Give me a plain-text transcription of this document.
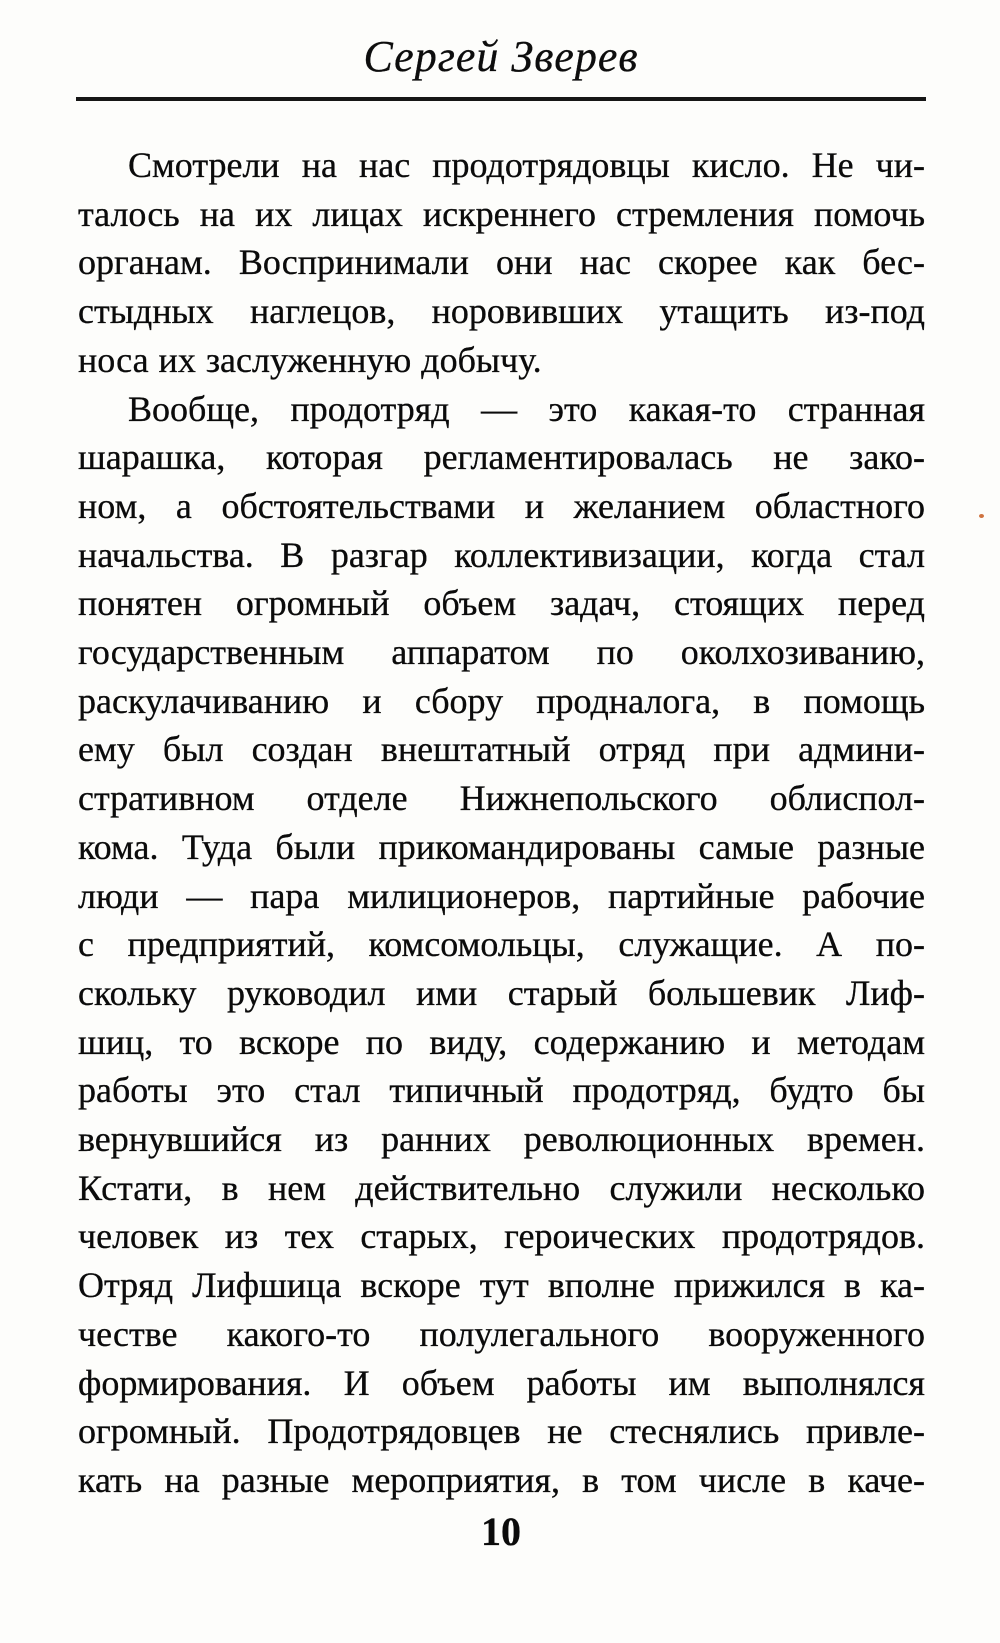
Сергей Зверев
Смотрели на нас продотрядовцы кисло. Не чи-
талось на их лицах искреннего стремления помочь
органам. Воспринимали они нас скорее как бес-
стыдных наглецов, норовивших утащить из-под
носа их заслуженную добычу.
Вообще, продотряд — это какая-то странная
шарашка, которая регламентировалась не зако-
ном, а обстоятельствами и желанием областного
начальства. В разгар коллективизации, когда стал
понятен огромный объем задач, стоящих перед
государственным аппаратом по околхозиванию,
раскулачиванию и сбору продналога, в помощь
ему был создан внештатный отряд при админи-
стративном отделе Нижнепольского облиспол-
кома. Туда были прикомандированы самые разные
люди — пара милиционеров, партийные рабочие
с предприятий, комсомольцы, служащие. А по-
скольку руководил ими старый большевик Лиф-
шиц, то вскоре по виду, содержанию и методам
работы это стал типичный продотряд, будто бы
вернувшийся из ранних революционных времен.
Кстати, в нем действительно служили несколько
человек из тех старых, героических продотрядов.
Отряд Лифшица вскоре тут вполне прижился в ка-
честве какого-то полулегального вооруженного
формирования. И объем работы им выполнялся
огромный. Продотрядовцев не стеснялись привле-
кать на разные мероприятия, в том числе в каче-
10
